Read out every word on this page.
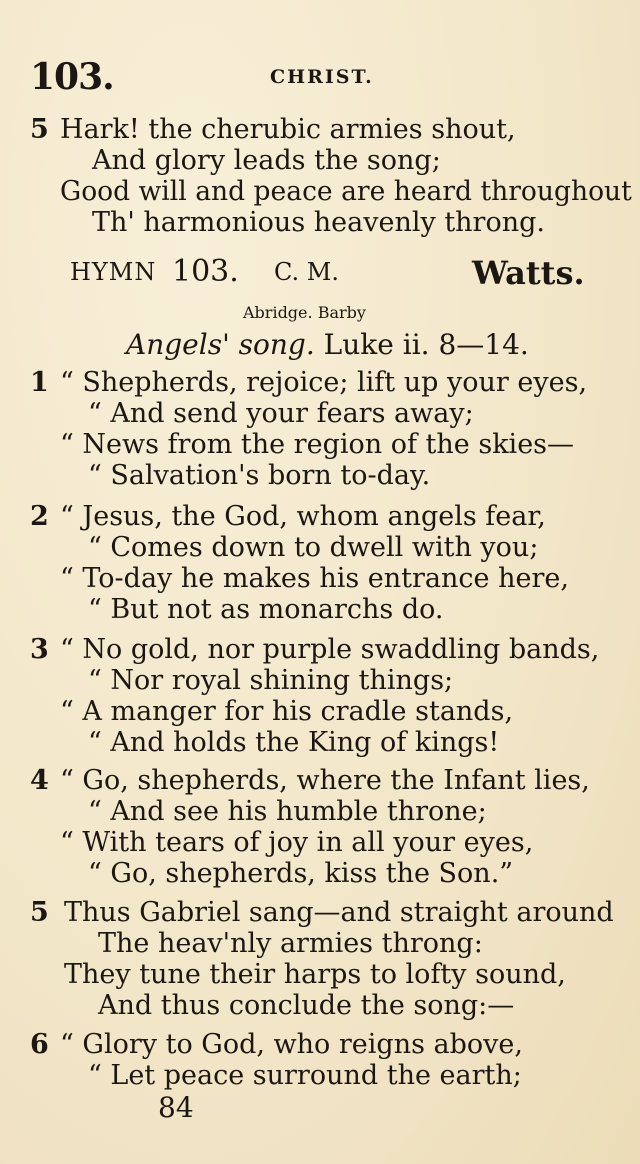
103.	CHRIST.
5 Hark! the cherubic armies shout,
And glory leads the song;
Good will and peace are heard throughout
Th' harmonious heavenly throng.
HYMN 103. C. M.	Watts.
Abridge. Barby
Angels' song. Luke ii. 8—14.
1 “ Shepherds, rejoice; lift up your eyes,
“ And send your fears away;
“ News from the region of the skies—
“ Salvation's born to-day.
2 “ Jesus, the God, whom angels fear,
“ Comes down to dwell with you;
“ To-day he makes his entrance here,
“ But not as monarchs do.
3 “ No gold, nor purple swaddling bands,
“ Nor royal shining things;
“ A manger for his cradle stands,
“ And holds the King of kings!
4 “ Go, shepherds, where the Infant lies,
“ And see his humble throne;
“ With tears of joy in all your eyes,
“ Go, shepherds, kiss the Son.”
5 Thus Gabriel sang—and straight around
The heav'nly armies throng:
They tune their harps to lofty sound,
And thus conclude the song:—
6 “ Glory to God, who reigns above,
“ Let peace surround the earth;
84
